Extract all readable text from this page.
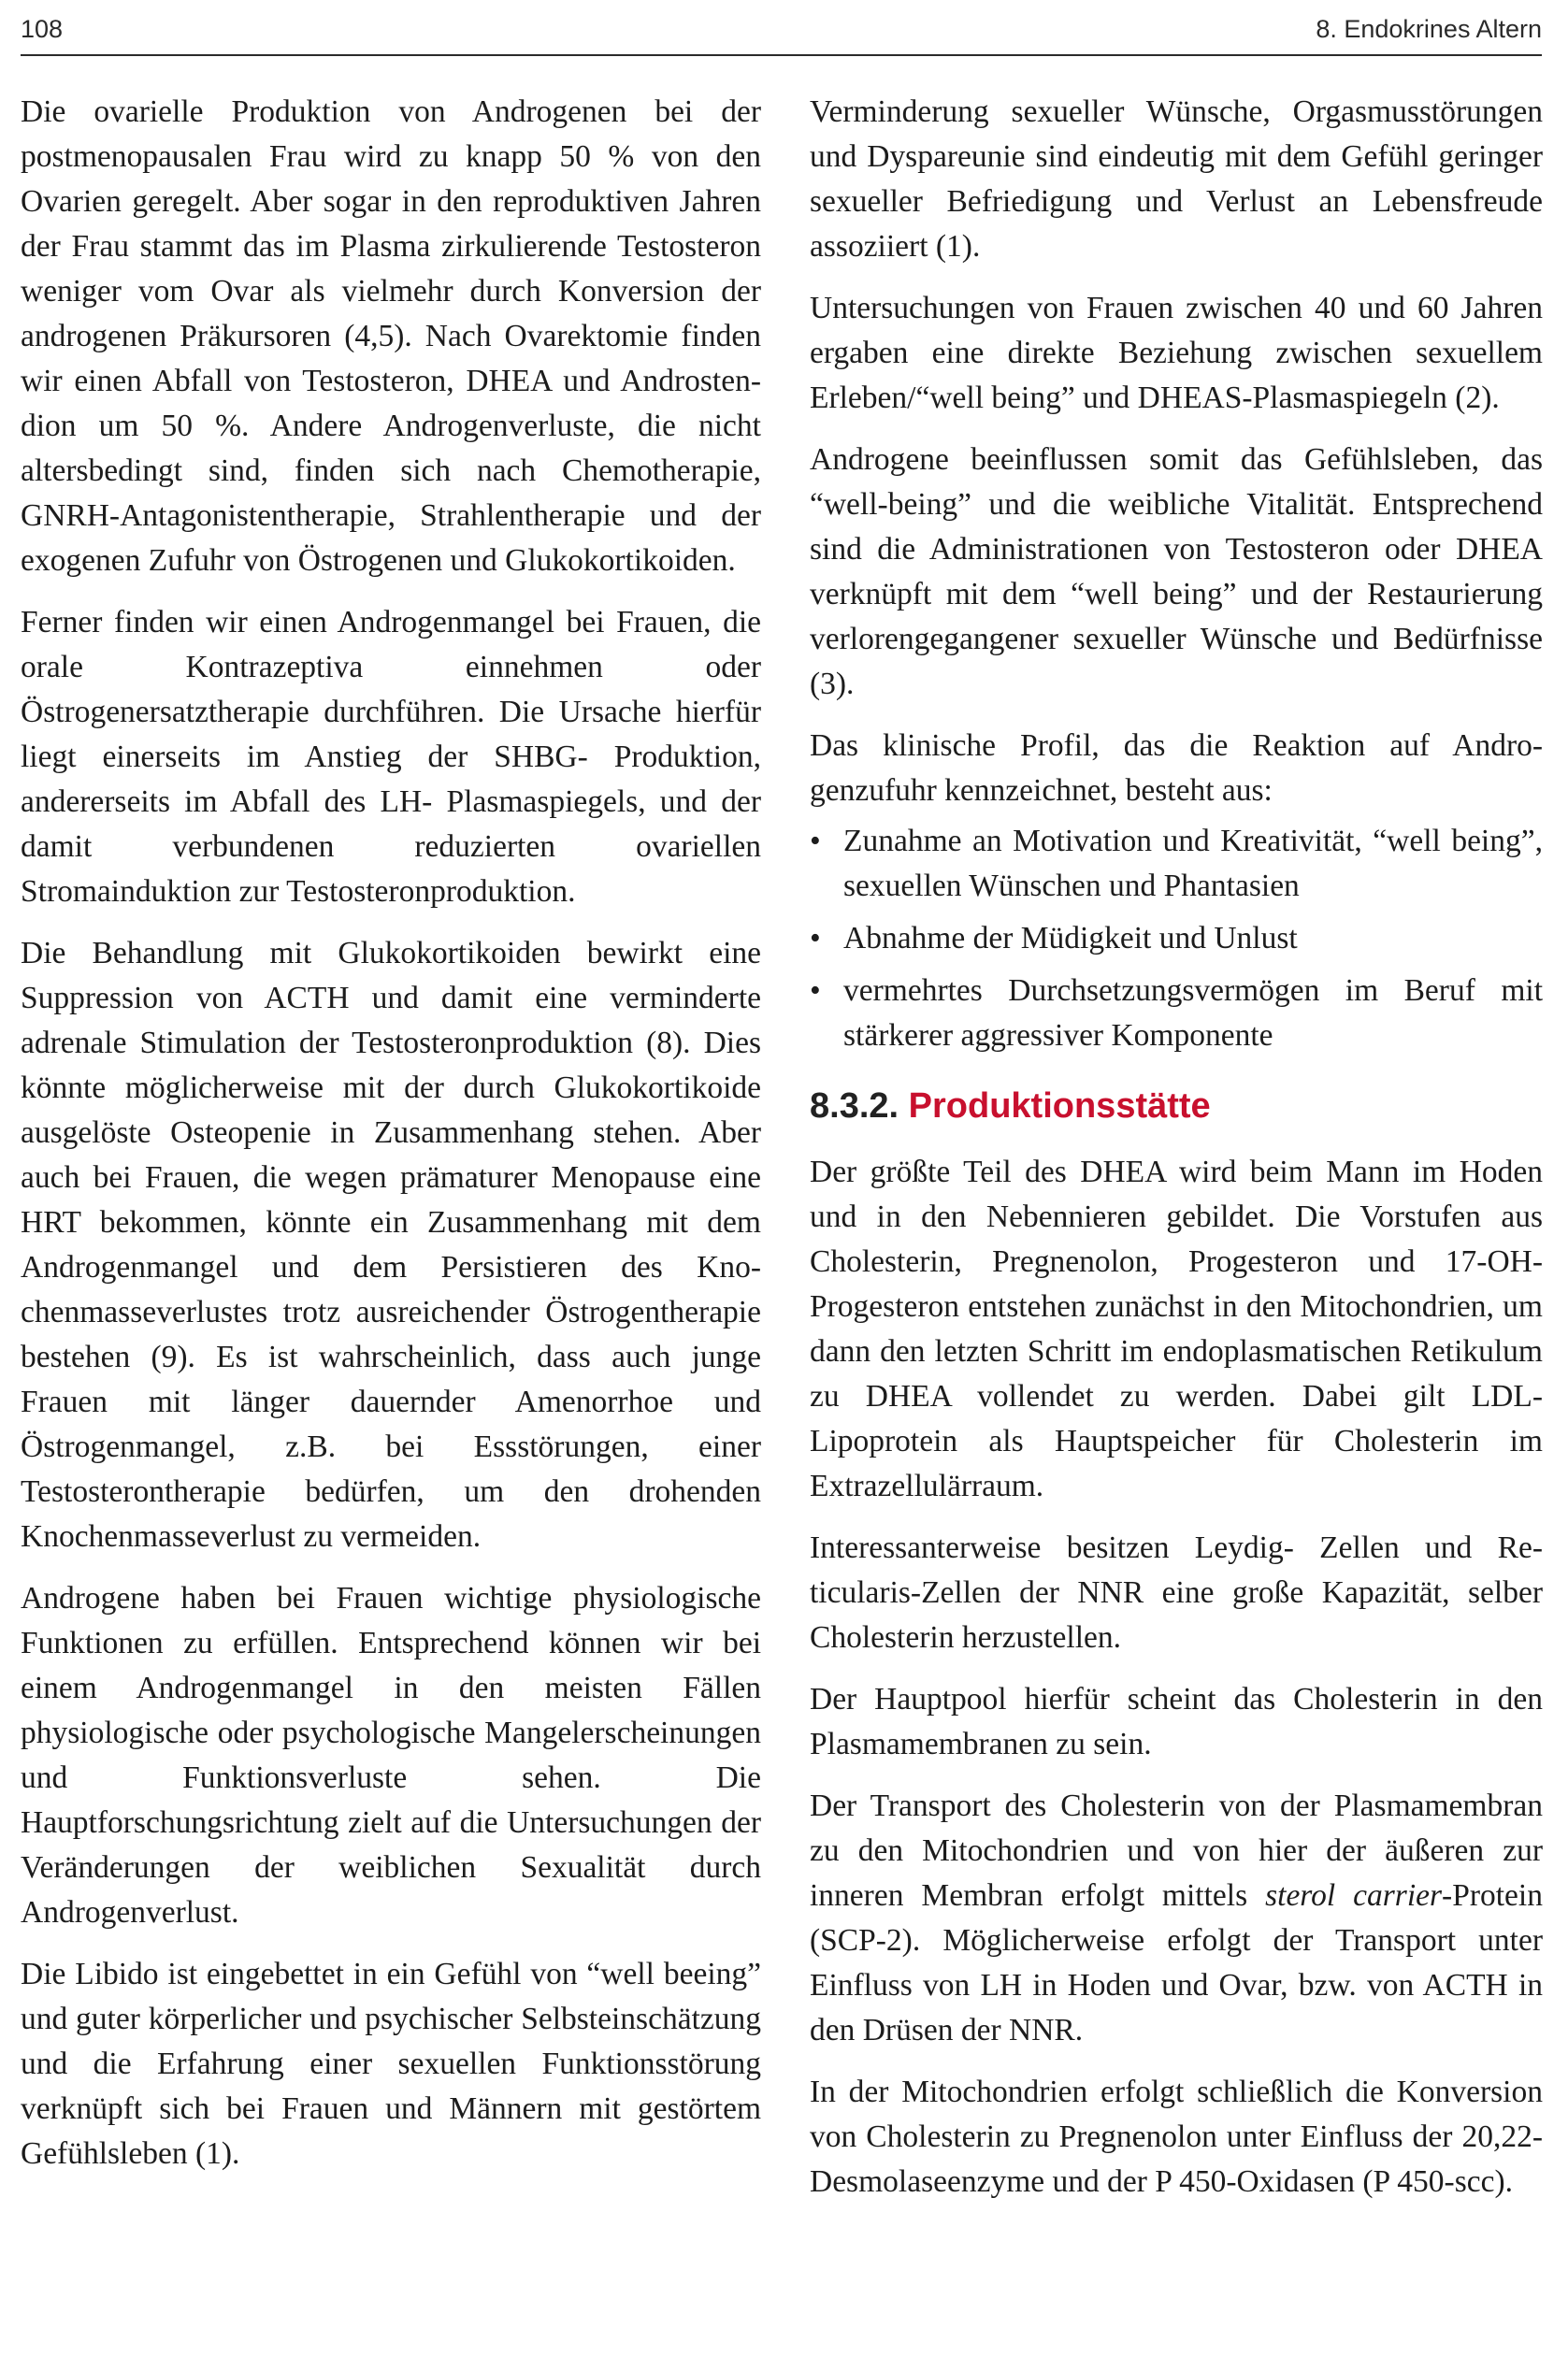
108	8. Endokrines Altern

Die ovarielle Produktion von Androgenen bei der postmenopausalen Frau wird zu knapp 50 % von den Ovarien geregelt. Aber sogar in den reproduktiven Jahren der Frau stammt das im Plasma zirkulierende Testosteron weniger vom Ovar als vielmehr durch Konversion der androgenen Präkursoren (4,5). Nach Ovarektomie finden wir einen Abfall von Testosteron, DHEA und Androstendion um 50 %. Andere Androgenverluste, die nicht altersbedingt sind, finden sich nach Chemotherapie, GNRH-Antagonistentherapie, Strahlentherapie und der exogenen Zufuhr von Östrogenen und Glukokortikoiden.

Ferner finden wir einen Androgenmangel bei Frauen, die orale Kontrazeptiva einnehmen oder Östrogenersatztherapie durchführen. Die Ursache hierfür liegt einerseits im Anstieg der SHBG- Produktion, andererseits im Abfall des LH- Plasmaspiegels, und der damit verbundenen reduzierten ovariellen Stromainduktion zur Testosteronproduktion.

Die Behandlung mit Glukokortikoiden bewirkt eine Suppression von ACTH und damit eine verminderte adrenale Stimulation der Testosteronproduktion (8). Dies könnte möglicherweise mit der durch Glukokortikoide ausgelöste Osteopenie in Zusammenhang stehen. Aber auch bei Frauen, die wegen prämaturer Menopause eine HRT bekommen, könnte ein Zusammenhang mit dem Androgenmangel und dem Persistieren des Knochenmasseverlustes trotz ausreichender Östrogentherapie bestehen (9). Es ist wahrscheinlich, dass auch junge Frauen mit länger dauernder Amenorrhoe und Östrogenmangel, z.B. bei Essstörungen, einer Testosterontherapie bedürfen, um den drohenden Knochenmasseverlust zu vermeiden.

Androgene haben bei Frauen wichtige physiologische Funktionen zu erfüllen. Entsprechend können wir bei einem Androgenmangel in den meisten Fällen physiologische oder psychologische Mangelerscheinungen und Funktionsverluste sehen. Die Hauptforschungsrichtung zielt auf die Untersuchungen der Veränderungen der weiblichen Sexualität durch Androgenverlust.

Die Libido ist eingebettet in ein Gefühl von “well beeing” und guter körperlicher und psychischer Selbsteinschätzung und die Erfahrung einer sexuellen Funktionsstörung verknüpft sich bei Frauen und Männern mit gestörtem Gefühlsleben (1).

Verminderung sexueller Wünsche, Orgasmusstörungen und Dyspareunie sind eindeutig mit dem Gefühl geringer sexueller Befriedigung und Verlust an Lebensfreude assoziiert (1).

Untersuchungen von Frauen zwischen 40 und 60 Jahren ergaben eine direkte Beziehung zwischen sexuellem Erleben/“well being” und DHEAS-Plasmaspiegeln (2).

Androgene beeinflussen somit das Gefühlsleben, das “well-being” und die weibliche Vitalität. Entsprechend sind die Administrationen von Testosteron oder DHEA verknüpft mit dem “well being” und der Restaurierung verlorengegangener sexueller Wünsche und Bedürfnisse (3).

Das klinische Profil, das die Reaktion auf Androgenzufuhr kennzeichnet, besteht aus:

• Zunahme an Motivation und Kreativität, “well being”, sexuellen Wünschen und Phantasien
• Abnahme der Müdigkeit und Unlust
• vermehrtes Durchsetzungsvermögen im Beruf mit stärkerer aggressiver Komponente
8.3.2. Produktionsstätte

Der größte Teil des DHEA wird beim Mann im Hoden und in den Nebennieren gebildet. Die Vorstufen aus Cholesterin, Pregnenolon, Progesteron und 17-OH-Progesteron entstehen zunächst in den Mitochondrien, um dann den letzten Schritt im endoplasmatischen Retikulum zu DHEA vollendet zu werden. Dabei gilt LDL-Lipoprotein als Hauptspeicher für Cholesterin im Extrazellulärraum.

Interessanterweise besitzen Leydig- Zellen und Reticularis-Zellen der NNR eine große Kapazität, selber Cholesterin herzustellen.

Der Hauptpool hierfür scheint das Cholesterin in den Plasmamembranen zu sein.

Der Transport des Cholesterin von der Plasmamembran zu den Mitochondrien und von hier der äußeren zur inneren Membran erfolgt mittels sterol carrier-Protein (SCP-2). Möglicherweise erfolgt der Transport unter Einfluss von LH in Hoden und Ovar, bzw. von ACTH in den Drüsen der NNR.

In der Mitochondrien erfolgt schließlich die Konversion von Cholesterin zu Pregnenolon unter Einfluss der 20,22-Desmolaseenzyme und der P 450-Oxidasen (P 450-scc).
